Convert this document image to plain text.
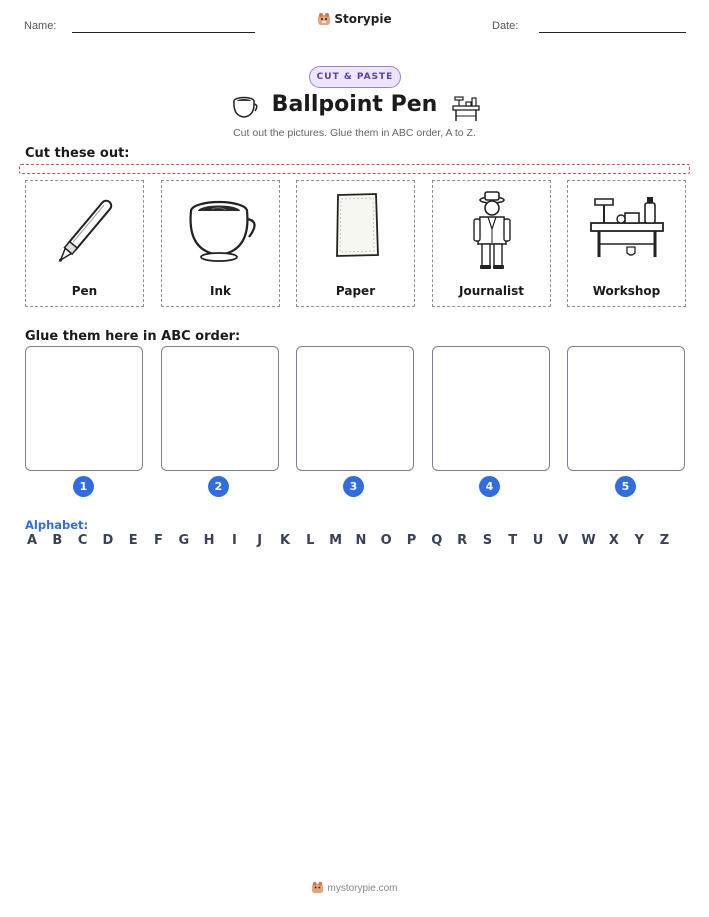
Name:	Date:
Storypie
CUT & PASTE
Ballpoint Pen
Cut out the pictures. Glue them in ABC order, A to Z.
Cut these out:
Pen	Ink	Paper	Journalist	Workshop
Glue them here in ABC order:
1	2	3	4	5
Alphabet:
A	B	C	D	E	F	G	H	I	J	K	L	M	N	O	P	Q	R	S	T	U	V	W	X	Y	Z
mystorypie.com
